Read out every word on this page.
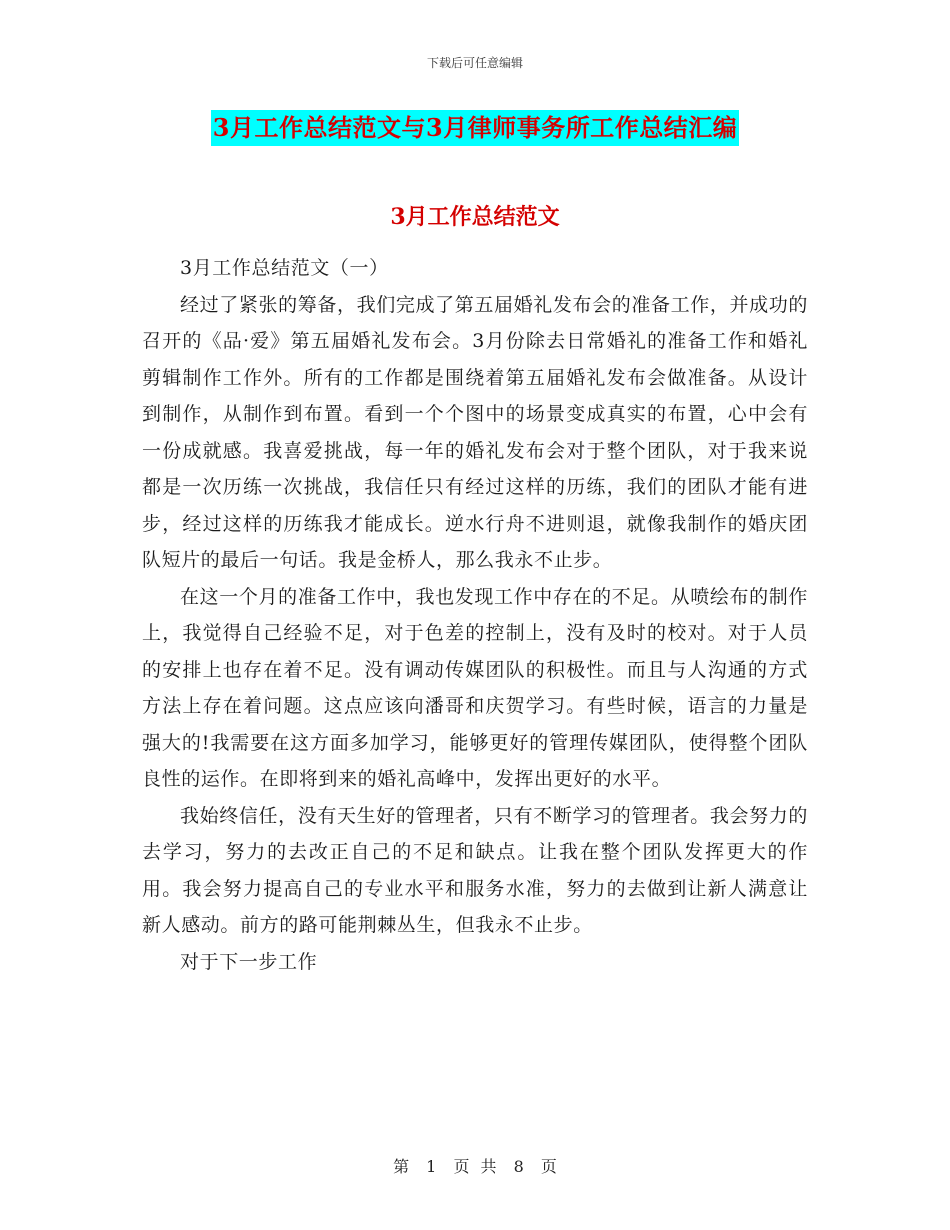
下载后可任意编辑
3月工作总结范文与3月律师事务所工作总结汇编
3月工作总结范文

3月工作总结范文（一）

经过了紧张的筹备，我们完成了第五届婚礼发布会的准备工作，并成功的召开的《品·爱》第五届婚礼发布会。3月份除去日常婚礼的准备工作和婚礼剪辑制作工作外。所有的工作都是围绕着第五届婚礼发布会做准备。从设计到制作，从制作到布置。看到一个个图中的场景变成真实的布置，心中会有一份成就感。我喜爱挑战，每一年的婚礼发布会对于整个团队，对于我来说都是一次历练一次挑战，我信任只有经过这样的历练，我们的团队才能有进步，经过这样的历练我才能成长。逆水行舟不进则退，就像我制作的婚庆团队短片的最后一句话。我是金桥人，那么我永不止步。

在这一个月的准备工作中，我也发现工作中存在的不足。从喷绘布的制作上，我觉得自己经验不足，对于色差的控制上，没有及时的校对。对于人员的安排上也存在着不足。没有调动传媒团队的积极性。而且与人沟通的方式方法上存在着问题。这点应该向潘哥和庆贺学习。有些时候，语言的力量是强大的!我需要在这方面多加学习，能够更好的管理传媒团队，使得整个团队良性的运作。在即将到来的婚礼高峰中，发挥出更好的水平。

我始终信任，没有天生好的管理者，只有不断学习的管理者。我会努力的去学习，努力的去改正自己的不足和缺点。让我在整个团队发挥更大的作用。我会努力提高自己的专业水平和服务水准，努力的去做到让新人满意让新人感动。前方的路可能荆棘丛生，但我永不止步。

对于下一步工作

第 1 页 共 8 页
